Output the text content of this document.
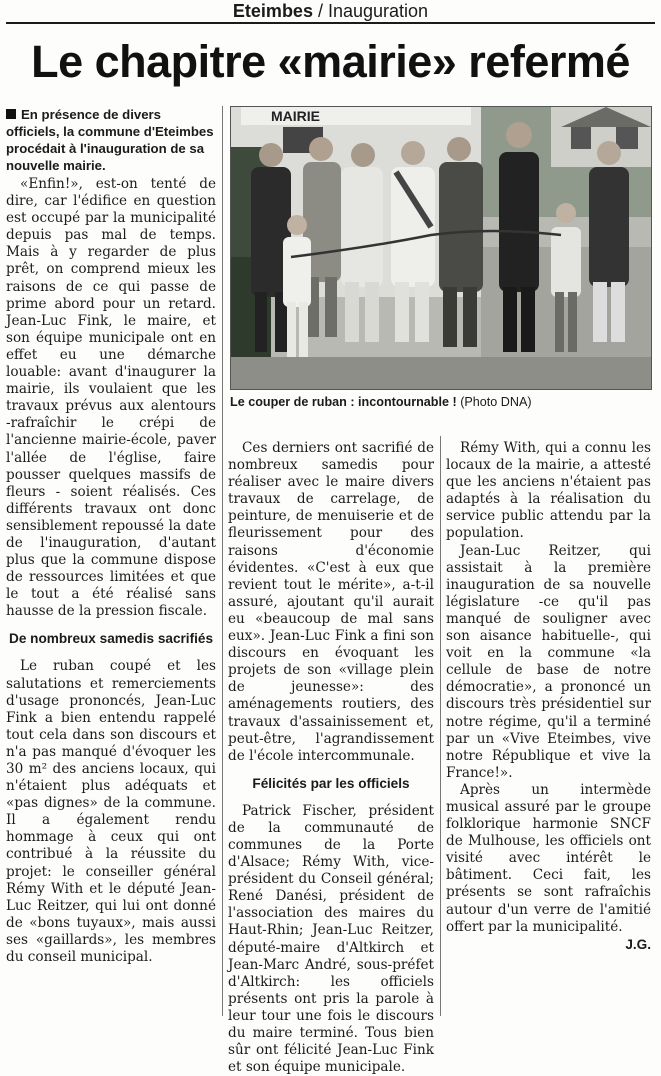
Eteimbes / Inauguration
Le chapitre «mairie» refermé

En présence de divers officiels, la commune d'Eteimbes procédait à l'inauguration de sa nouvelle mairie.

«Enfin!», est-on tenté de dire, car l'édifice en question est occupé par la municipalité depuis pas mal de temps. Mais à y regarder de plus prêt, on comprend mieux les raisons de ce qui passe de prime abord pour un retard. Jean-Luc Fink, le maire, et son équipe municipale ont en effet eu une démarche louable: avant d'inaugurer la mairie, ils voulaient que les travaux prévus aux alentours -rafraîchir le crépi de l'ancienne mairie-école, paver l'allée de l'église, faire pousser quelques massifs de fleurs - soient réalisés. Ces différents travaux ont donc sensiblement repoussé la date de l'inauguration, d'autant plus que la commune dispose de ressources limitées et que le tout a été réalisé sans hausse de la pression fiscale.

De nombreux samedis sacrifiés

Le ruban coupé et les salutations et remerciements d'usage prononcés, Jean-Luc Fink a bien entendu rappelé tout cela dans son discours et n'a pas manqué d'évoquer les 30 m² des anciens locaux, qui n'étaient plus adéquats et «pas dignes» de la commune. Il a également rendu hommage à ceux qui ont contribué à la réussite du projet: le conseiller général Rémy With et le député Jean-Luc Reitzer, qui lui ont donné de «bons tuyaux», mais aussi ses «gaillards», les membres du conseil municipal.

MAIRIE
Le couper de ruban : incontournable ! (Photo DNA)

Ces derniers ont sacrifié de nombreux samedis pour réaliser avec le maire divers travaux de carrelage, de peinture, de menuiserie et de fleurissement pour des raisons d'économie évidentes. «C'est à eux que revient tout le mérite», a-t-il assuré, ajoutant qu'il aurait eu «beaucoup de mal sans eux». Jean-Luc Fink a fini son discours en évoquant les projets de son «village plein de jeunesse»: des aménagements routiers, des travaux d'assainissement et, peut-être, l'agrandissement de l'école intercommunale.

Félicités par les officiels

Patrick Fischer, président de la communauté de communes de la Porte d'Alsace; Rémy With, vice-président du Conseil général; René Danési, président de l'association des maires du Haut-Rhin; Jean-Luc Reitzer, député-maire d'Altkirch et Jean-Marc André, sous-préfet d'Altkirch: les officiels présents ont pris la parole à leur tour une fois le discours du maire terminé. Tous bien sûr ont félicité Jean-Luc Fink et son équipe municipale.

Rémy With, qui a connu les locaux de la mairie, a attesté que les anciens n'étaient pas adaptés à la réalisation du service public attendu par la population.

Jean-Luc Reitzer, qui assistait à la première inauguration de sa nouvelle législature -ce qu'il pas manqué de souligner avec son aisance habituelle-, qui voit en la commune «la cellule de base de notre démocratie», a prononcé un discours très présidentiel sur notre régime, qu'il a terminé par un «Vive Eteimbes, vive notre République et vive la France!».

Après un intermède musical assuré par le groupe folklorique harmonie SNCF de Mulhouse, les officiels ont visité avec intérêt le bâtiment. Ceci fait, les présents se sont rafraîchis autour d'un verre de l'amitié offert par la municipalité.

J.G.
